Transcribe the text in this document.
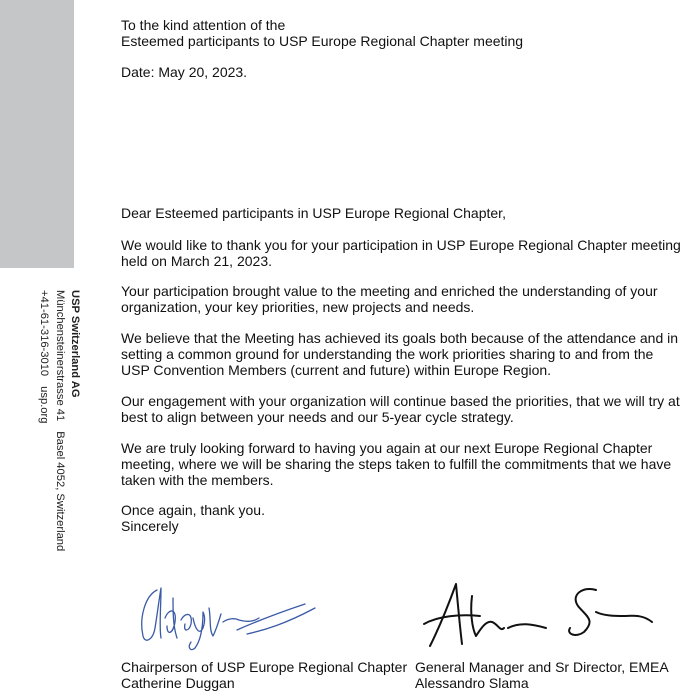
USP Switzerland AG
Münchensteinerstrasse 41Basel 4052, Switzerland
+41-61-316-3010usp.org

To the kind attention of the

Esteemed participants to USP Europe Regional Chapter meeting

Date: May 20, 2023.
Dear Esteemed participants in USP Europe Regional Chapter,
We would like to thank you for your participation in USP Europe Regional Chapter meeting held on March 21, 2023.
Your participation brought value to the meeting and enriched the understanding of your organization, your key priorities, new projects and needs.
We believe that the Meeting has achieved its goals both because of the attendance and in setting a common ground for understanding the work priorities sharing to and from the USP Convention Members (current and future) within Europe Region.
Our engagement with your organization will continue based the priorities, that we will try at best to align between your needs and our 5-year cycle strategy.
We are truly looking forward to having you again at our next Europe Regional Chapter meeting, where we will be sharing the steps taken to fulfill the commitments that we have taken with the members.
Once again, thank you.
Sincerely
Chairperson of USP Europe Regional Chapter
Catherine Duggan
General Manager and Sr Director, EMEA
Alessandro Slama
